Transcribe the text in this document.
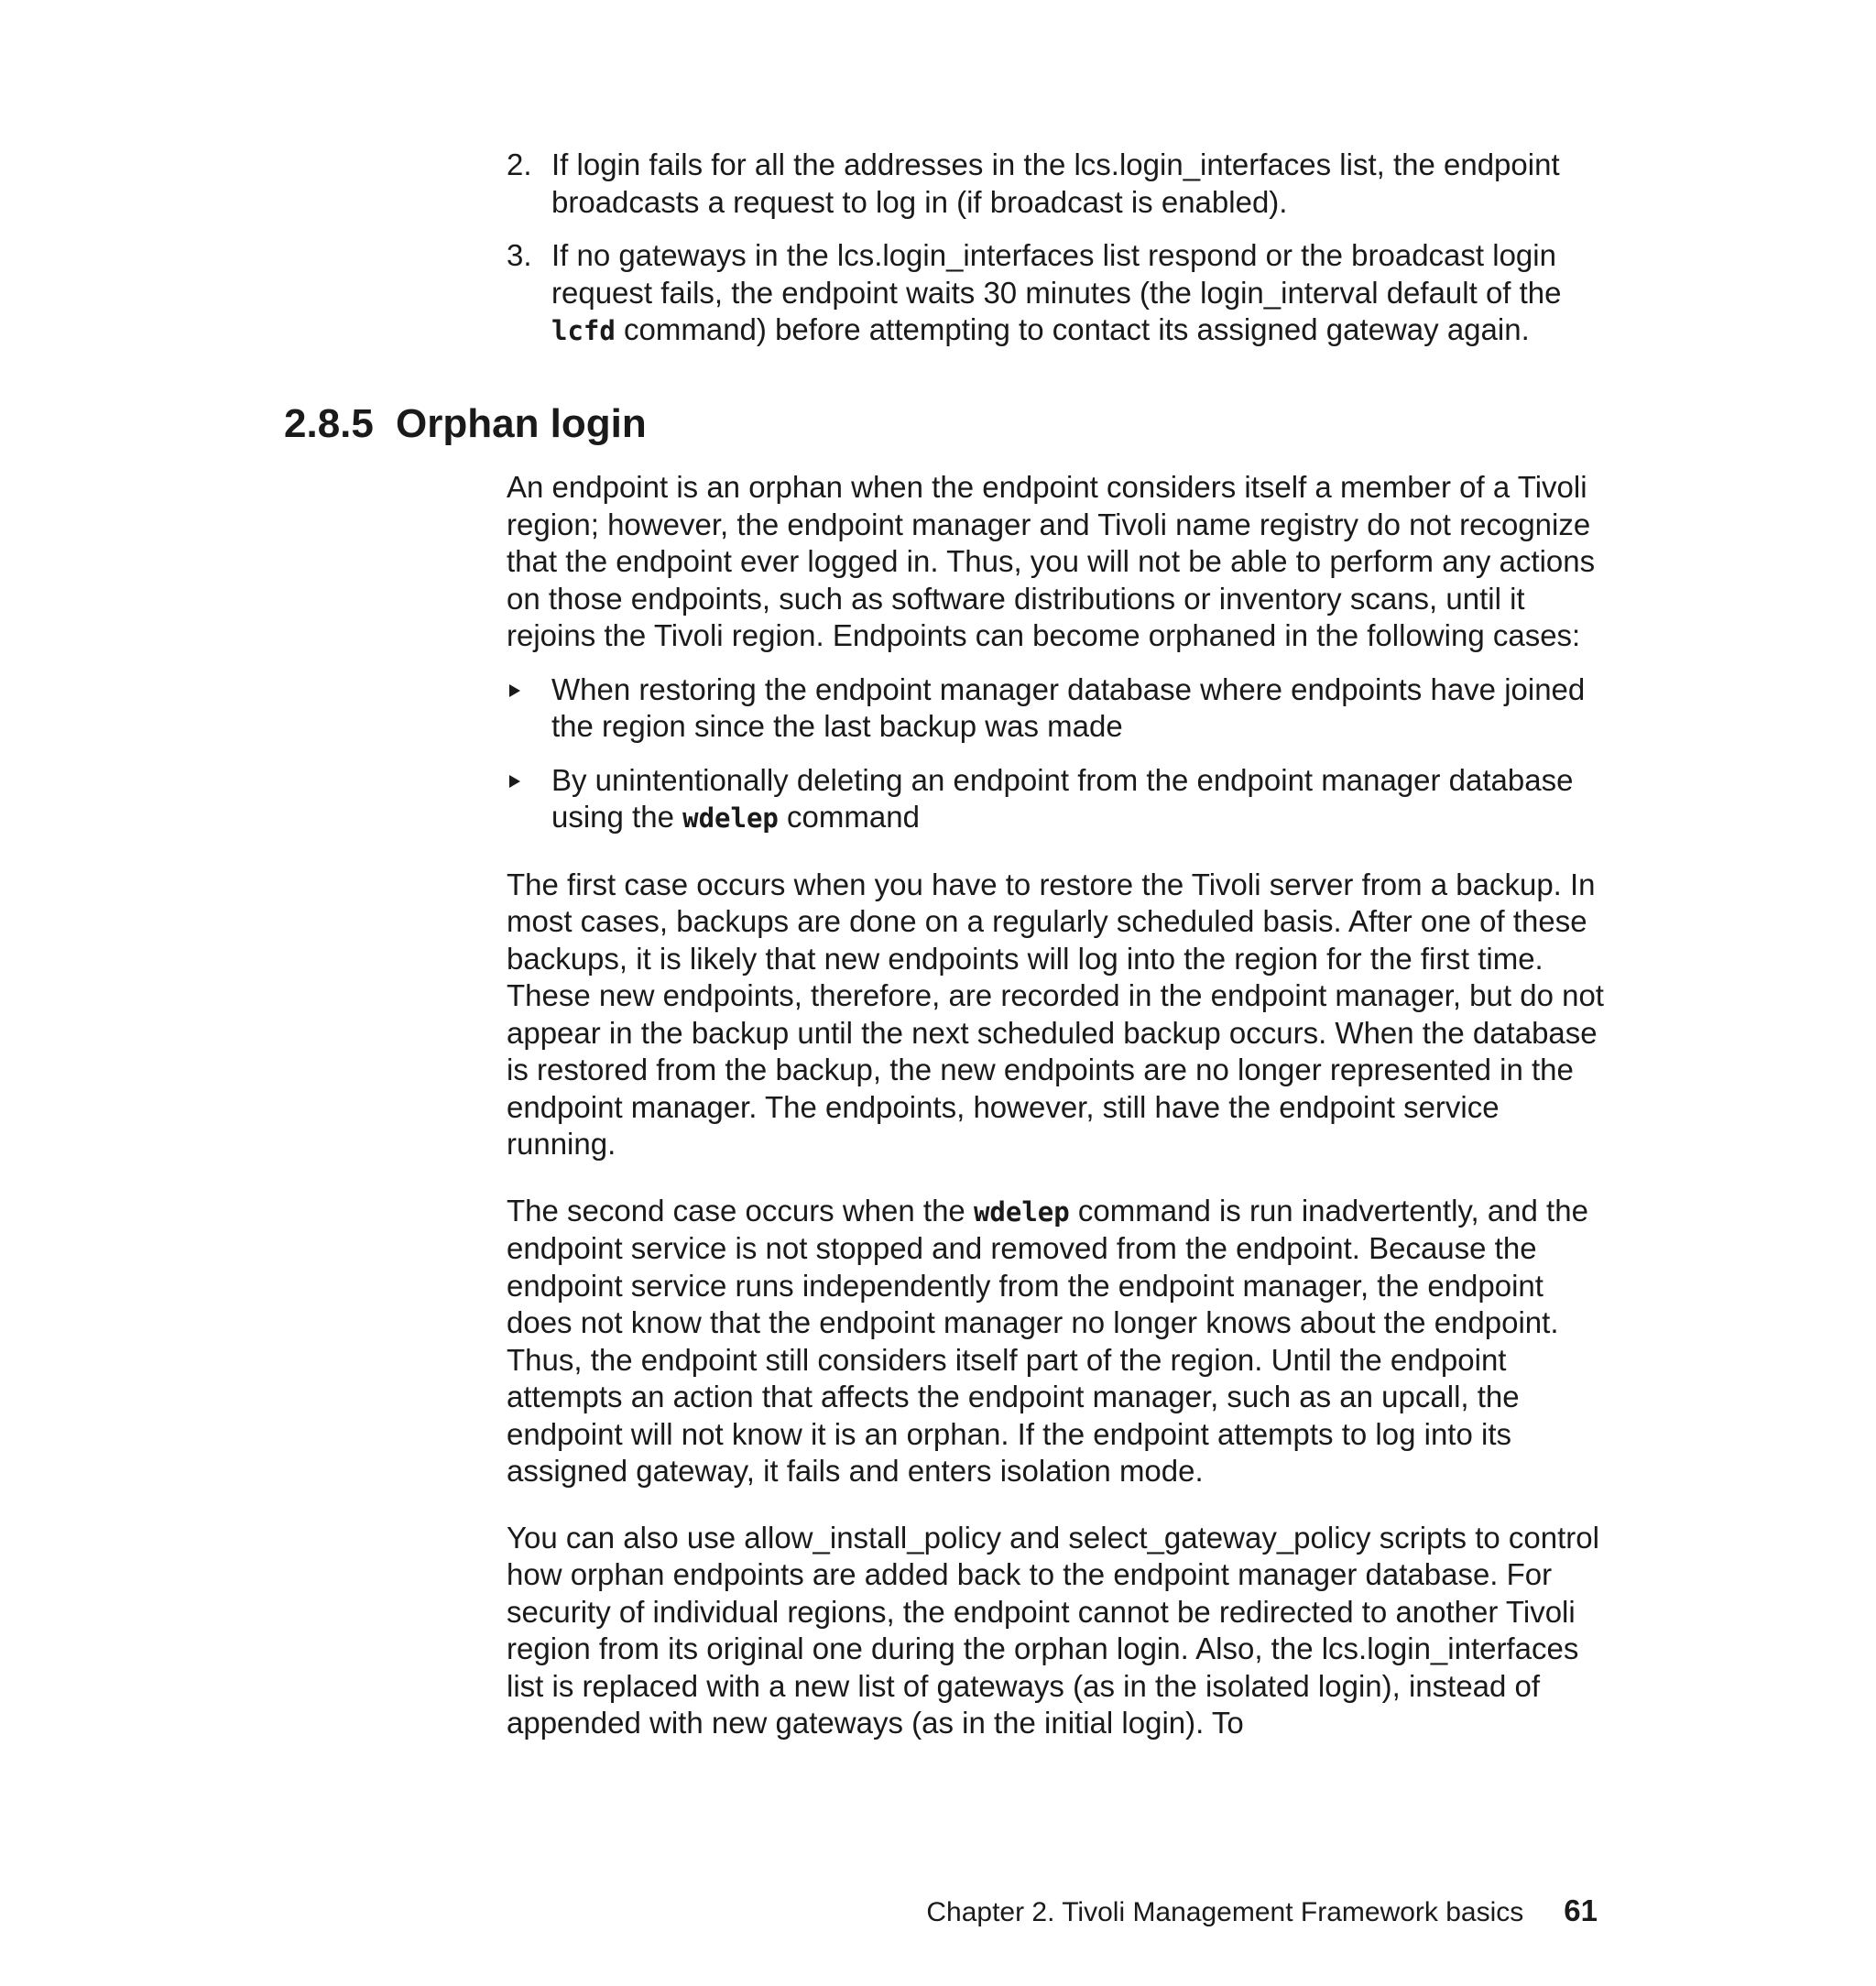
2. If login fails for all the addresses in the lcs.login_interfaces list, the endpoint broadcasts a request to log in (if broadcast is enabled).
3. If no gateways in the lcs.login_interfaces list respond or the broadcast login request fails, the endpoint waits 30 minutes (the login_interval default of the lcfd command) before attempting to contact its assigned gateway again.
2.8.5 Orphan login

An endpoint is an orphan when the endpoint considers itself a member of a Tivoli region; however, the endpoint manager and Tivoli name registry do not recognize that the endpoint ever logged in. Thus, you will not be able to perform any actions on those endpoints, such as software distributions or inventory scans, until it rejoins the Tivoli region. Endpoints can become orphaned in the following cases:

When restoring the endpoint manager database where endpoints have joined the region since the last backup was made
By unintentionally deleting an endpoint from the endpoint manager database using the wdelep command

The first case occurs when you have to restore the Tivoli server from a backup. In most cases, backups are done on a regularly scheduled basis. After one of these backups, it is likely that new endpoints will log into the region for the first time. These new endpoints, therefore, are recorded in the endpoint manager, but do not appear in the backup until the next scheduled backup occurs. When the database is restored from the backup, the new endpoints are no longer represented in the endpoint manager. The endpoints, however, still have the endpoint service running.

The second case occurs when the wdelep command is run inadvertently, and the endpoint service is not stopped and removed from the endpoint. Because the endpoint service runs independently from the endpoint manager, the endpoint does not know that the endpoint manager no longer knows about the endpoint. Thus, the endpoint still considers itself part of the region. Until the endpoint attempts an action that affects the endpoint manager, such as an upcall, the endpoint will not know it is an orphan. If the endpoint attempts to log into its assigned gateway, it fails and enters isolation mode.

You can also use allow_install_policy and select_gateway_policy scripts to control how orphan endpoints are added back to the endpoint manager database. For security of individual regions, the endpoint cannot be redirected to another Tivoli region from its original one during the orphan login. Also, the lcs.login_interfaces list is replaced with a new list of gateways (as in the isolated login), instead of appended with new gateways (as in the initial login). To

Chapter 2. Tivoli Management Framework basics 61
